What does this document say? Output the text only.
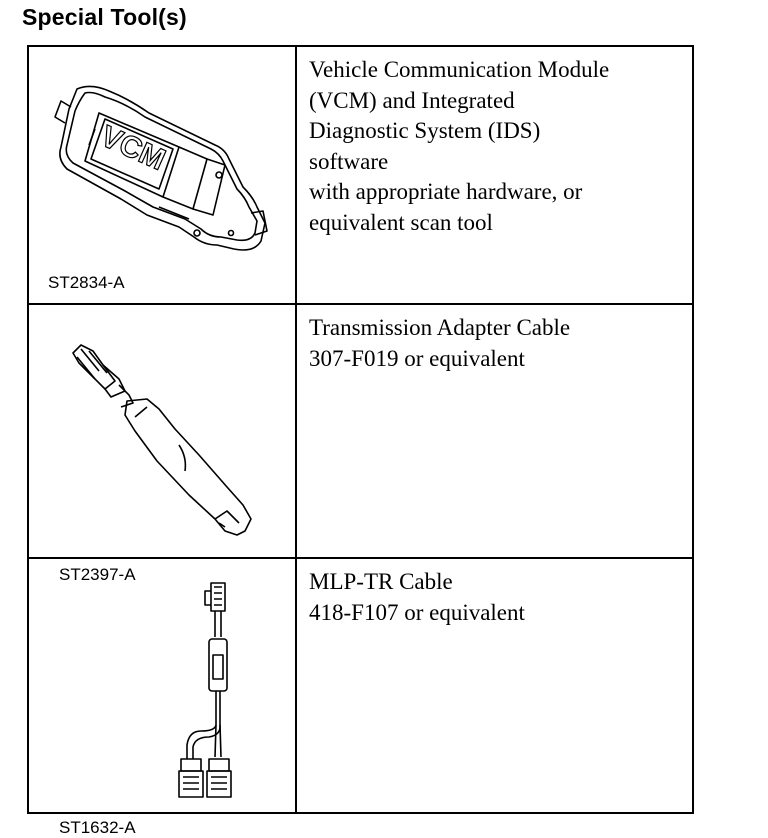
Special Tool(s)
VCM
ST2834-A

Vehicle Communication Module
(VCM) and Integrated
Diagnostic System (IDS)
software
with appropriate hardware, or
equivalent scan tool

ST2397-A

Transmission Adapter Cable
307-F019 or equivalent

ST1632-A

MLP-TR Cable
418-F107 or equivalent
